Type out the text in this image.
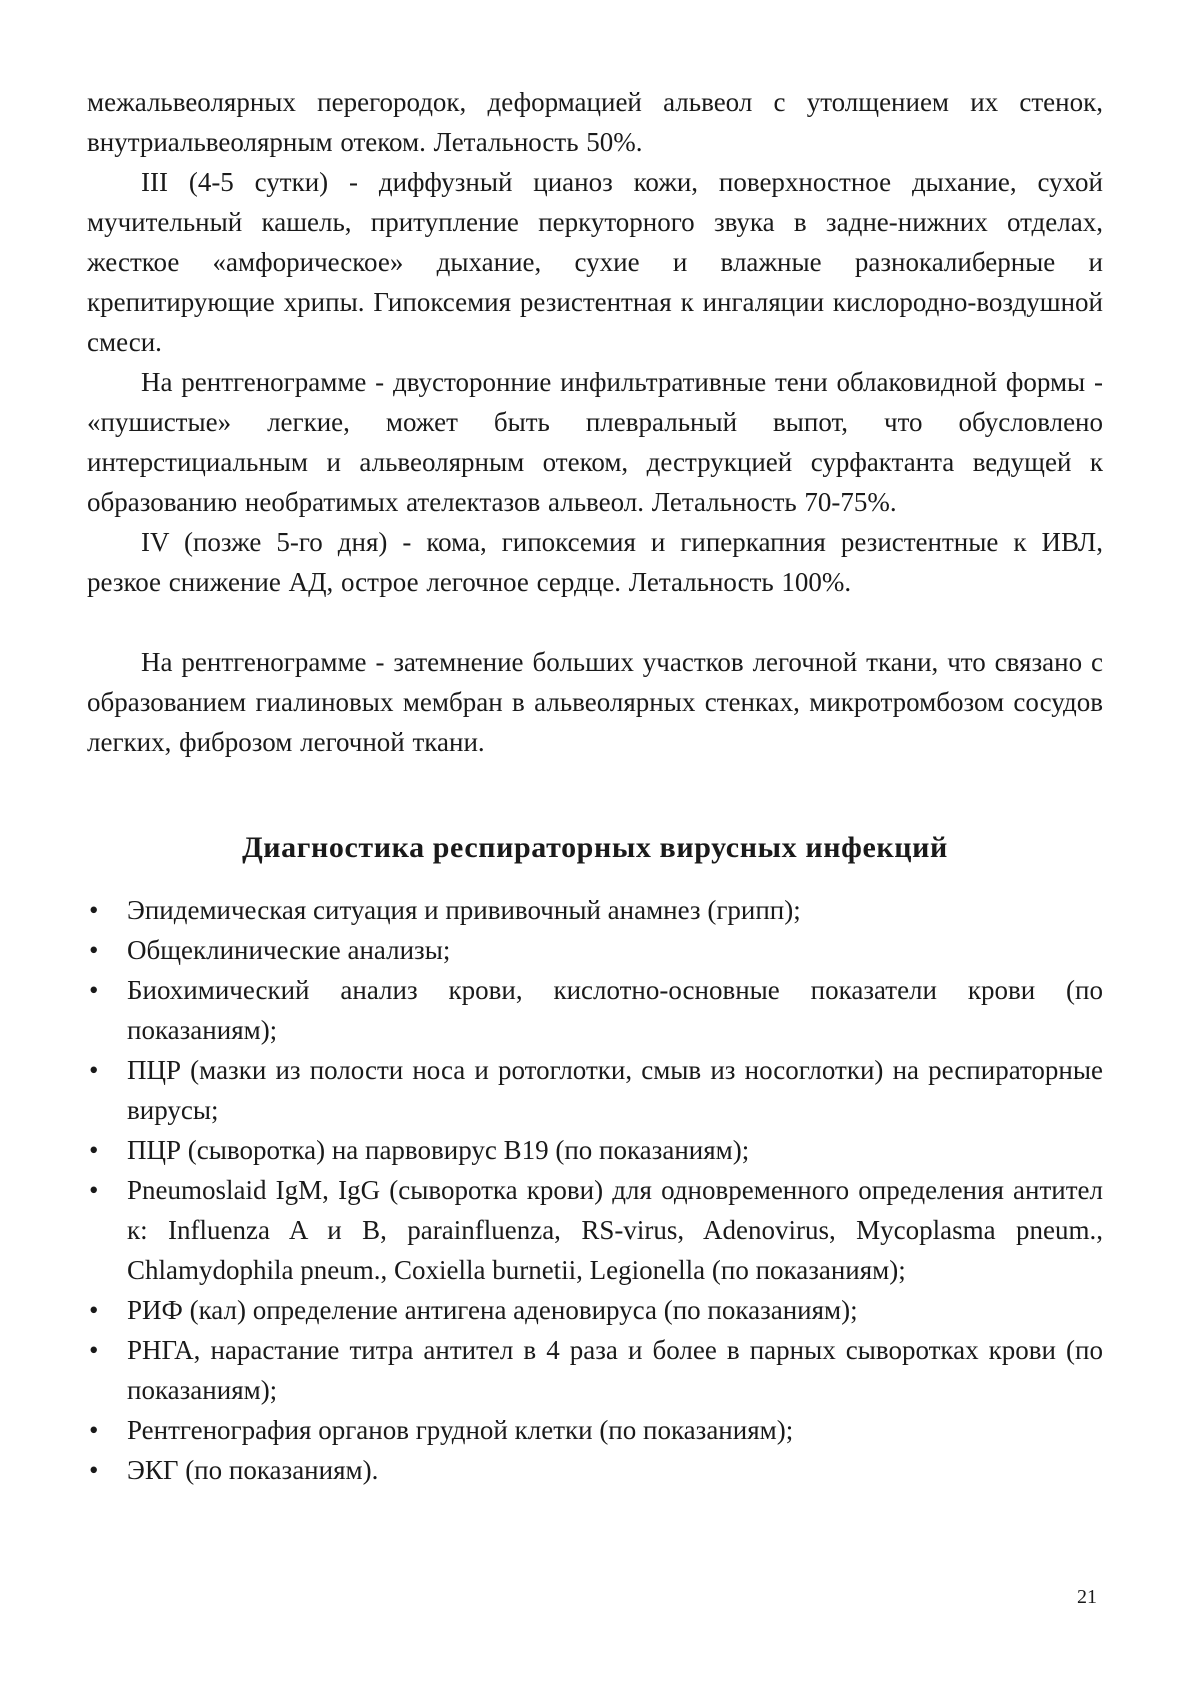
межальвеолярных перегородок, деформацией альвеол с утолщением их стенок, внутриальвеолярным отеком. Летальность 50%.

III (4-5 сутки) - диффузный цианоз кожи, поверхностное дыхание, сухой мучительный кашель, притупление перкуторного звука в задне-нижних отделах, жесткое «амфорическое» дыхание, сухие и влажные разнокалиберные и крепитирующие хрипы. Гипоксемия резистентная к ингаляции кислородно-воздушной смеси.

На рентгенограмме - двусторонние инфильтративные тени облаковидной формы - «пушистые» легкие, может быть плевральный выпот, что обусловлено интерстициальным и альвеолярным отеком, деструкцией сурфактанта ведущей к образованию необратимых ателектазов альвеол. Летальность 70-75%.

IV (позже 5-го дня) - кома, гипоксемия и гиперкапния резистентные к ИВЛ, резкое снижение АД, острое легочное сердце. Летальность 100%.

На рентгенограмме - затемнение больших участков легочной ткани, что связано с образованием гиалиновых мембран в альвеолярных стенках, микротромбозом сосудов легких, фиброзом легочной ткани.

Диагностика респираторных вирусных инфекций
•	Эпидемическая ситуация и прививочный анамнез (грипп);
•	Общеклинические анализы;
•	Биохимический анализ крови, кислотно-основные показатели крови (по показаниям);
•	ПЦР (мазки из полости носа и ротоглотки, смыв из носоглотки) на респираторные вирусы;
•	ПЦР (сыворотка) на парвовирус В19 (по показаниям);
•	Pneumoslaid IgM, IgG (сыворотка крови) для одновременного определения антител к: Influenza A и B, parainfluenza, RS-virus, Adenovirus, Mycoplasma pneum., Chlamydophila pneum., Coxiella burnetii, Legionella (по показаниям);
•	РИФ (кал) определение антигена аденовируса (по показаниям);
•	РНГА, нарастание титра антител в 4 раза и более в парных сыворотках крови (по показаниям);
•	Рентгенография органов грудной клетки (по показаниям);
•	ЭКГ (по показаниям).
21
